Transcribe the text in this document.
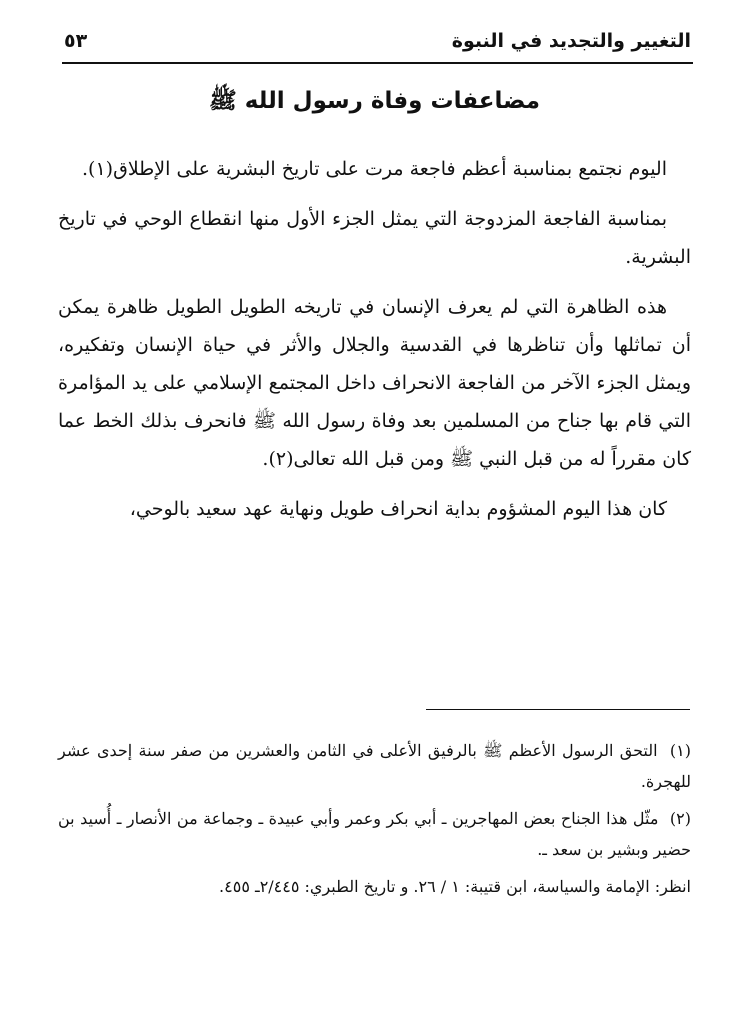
التغيير والتجديد في النبوة
٥٣
مضاعفات وفاة رسول الله ﷺ

اليوم نجتمع بمناسبة أعظم فاجعة مرت على تاريخ البشرية على الإطلاق(١).

بمناسبة الفاجعة المزدوجة التي يمثل الجزء الأول منها انقطاع الوحي في تاريخ البشرية.

هذه الظاهرة التي لم يعرف الإنسان في تاريخه الطويل الطويل ظاهرة يمكن أن تماثلها وأن تناظرها في القدسية والجلال والأثر في حياة الإنسان وتفكيره، ويمثل الجزء الآخر من الفاجعة الانحراف داخل المجتمع الإسلامي على يد المؤامرة التي قام بها جناح من المسلمين بعد وفاة رسول الله ﷺ فانحرف بذلك الخط عما كان مقرراً له من قبل النبي ﷺ ومن قبل الله تعالى(٢).

كان هذا اليوم المشؤوم بداية انحراف طويل ونهاية عهد سعيد بالوحي،

(١) التحق الرسول الأعظم ﷺ بالرفيق الأعلى في الثامن والعشرين من صفر سنة إحدى عشر للهجرة.

(٢) مثّل هذا الجناح بعض المهاجرين ـ أبي بكر وعمر وأبي عبيدة ـ وجماعة من الأنصار ـ أُسيد بن حضير وبشير بن سعد ـ.

انظر: الإمامة والسياسة، ابن قتيبة: ١ / ٢٦. و تاريخ الطبري: ٢/٤٤٥ـ ٤٥٥.
